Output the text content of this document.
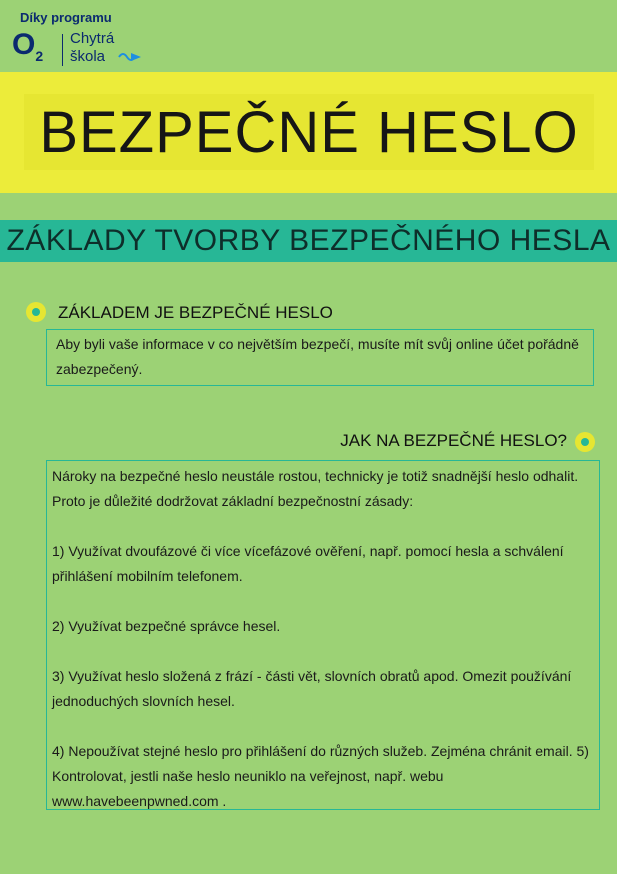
Díky programu
$O_2$
Chytrá
škola
BEZPEČNÉ HESLO
ZÁKLADY TVORBY BEZPEČNÉHO HESLA
ZÁKLADEM JE BEZPEČNÉ HESLO

Aby byli vaše informace v co největším bezpečí, musíte mít svůj online účet pořádně zabezpečený.

JAK NA BEZPEČNÉ HESLO?

Nároky na bezpečné heslo neustále rostou, technicky je totiž snadnější heslo odhalit. Proto je důležité dodržovat základní bezpečnostní zásady:

1) Využívat dvoufázové či více vícefázové ověření, např. pomocí hesla a schválení přihlášení mobilním telefonem.

2) Využívat bezpečné správce hesel.

3) Využívat heslo složená z frází - části vět, slovních obratů apod. Omezit používání jednoduchých slovních hesel.

4) Nepoužívat stejné heslo pro přihlášení do různých služeb. Zejména chránit email. 5) Kontrolovat, jestli naše heslo neuniklo na veřejnost, např. webu www.havebeenpwned.com .
